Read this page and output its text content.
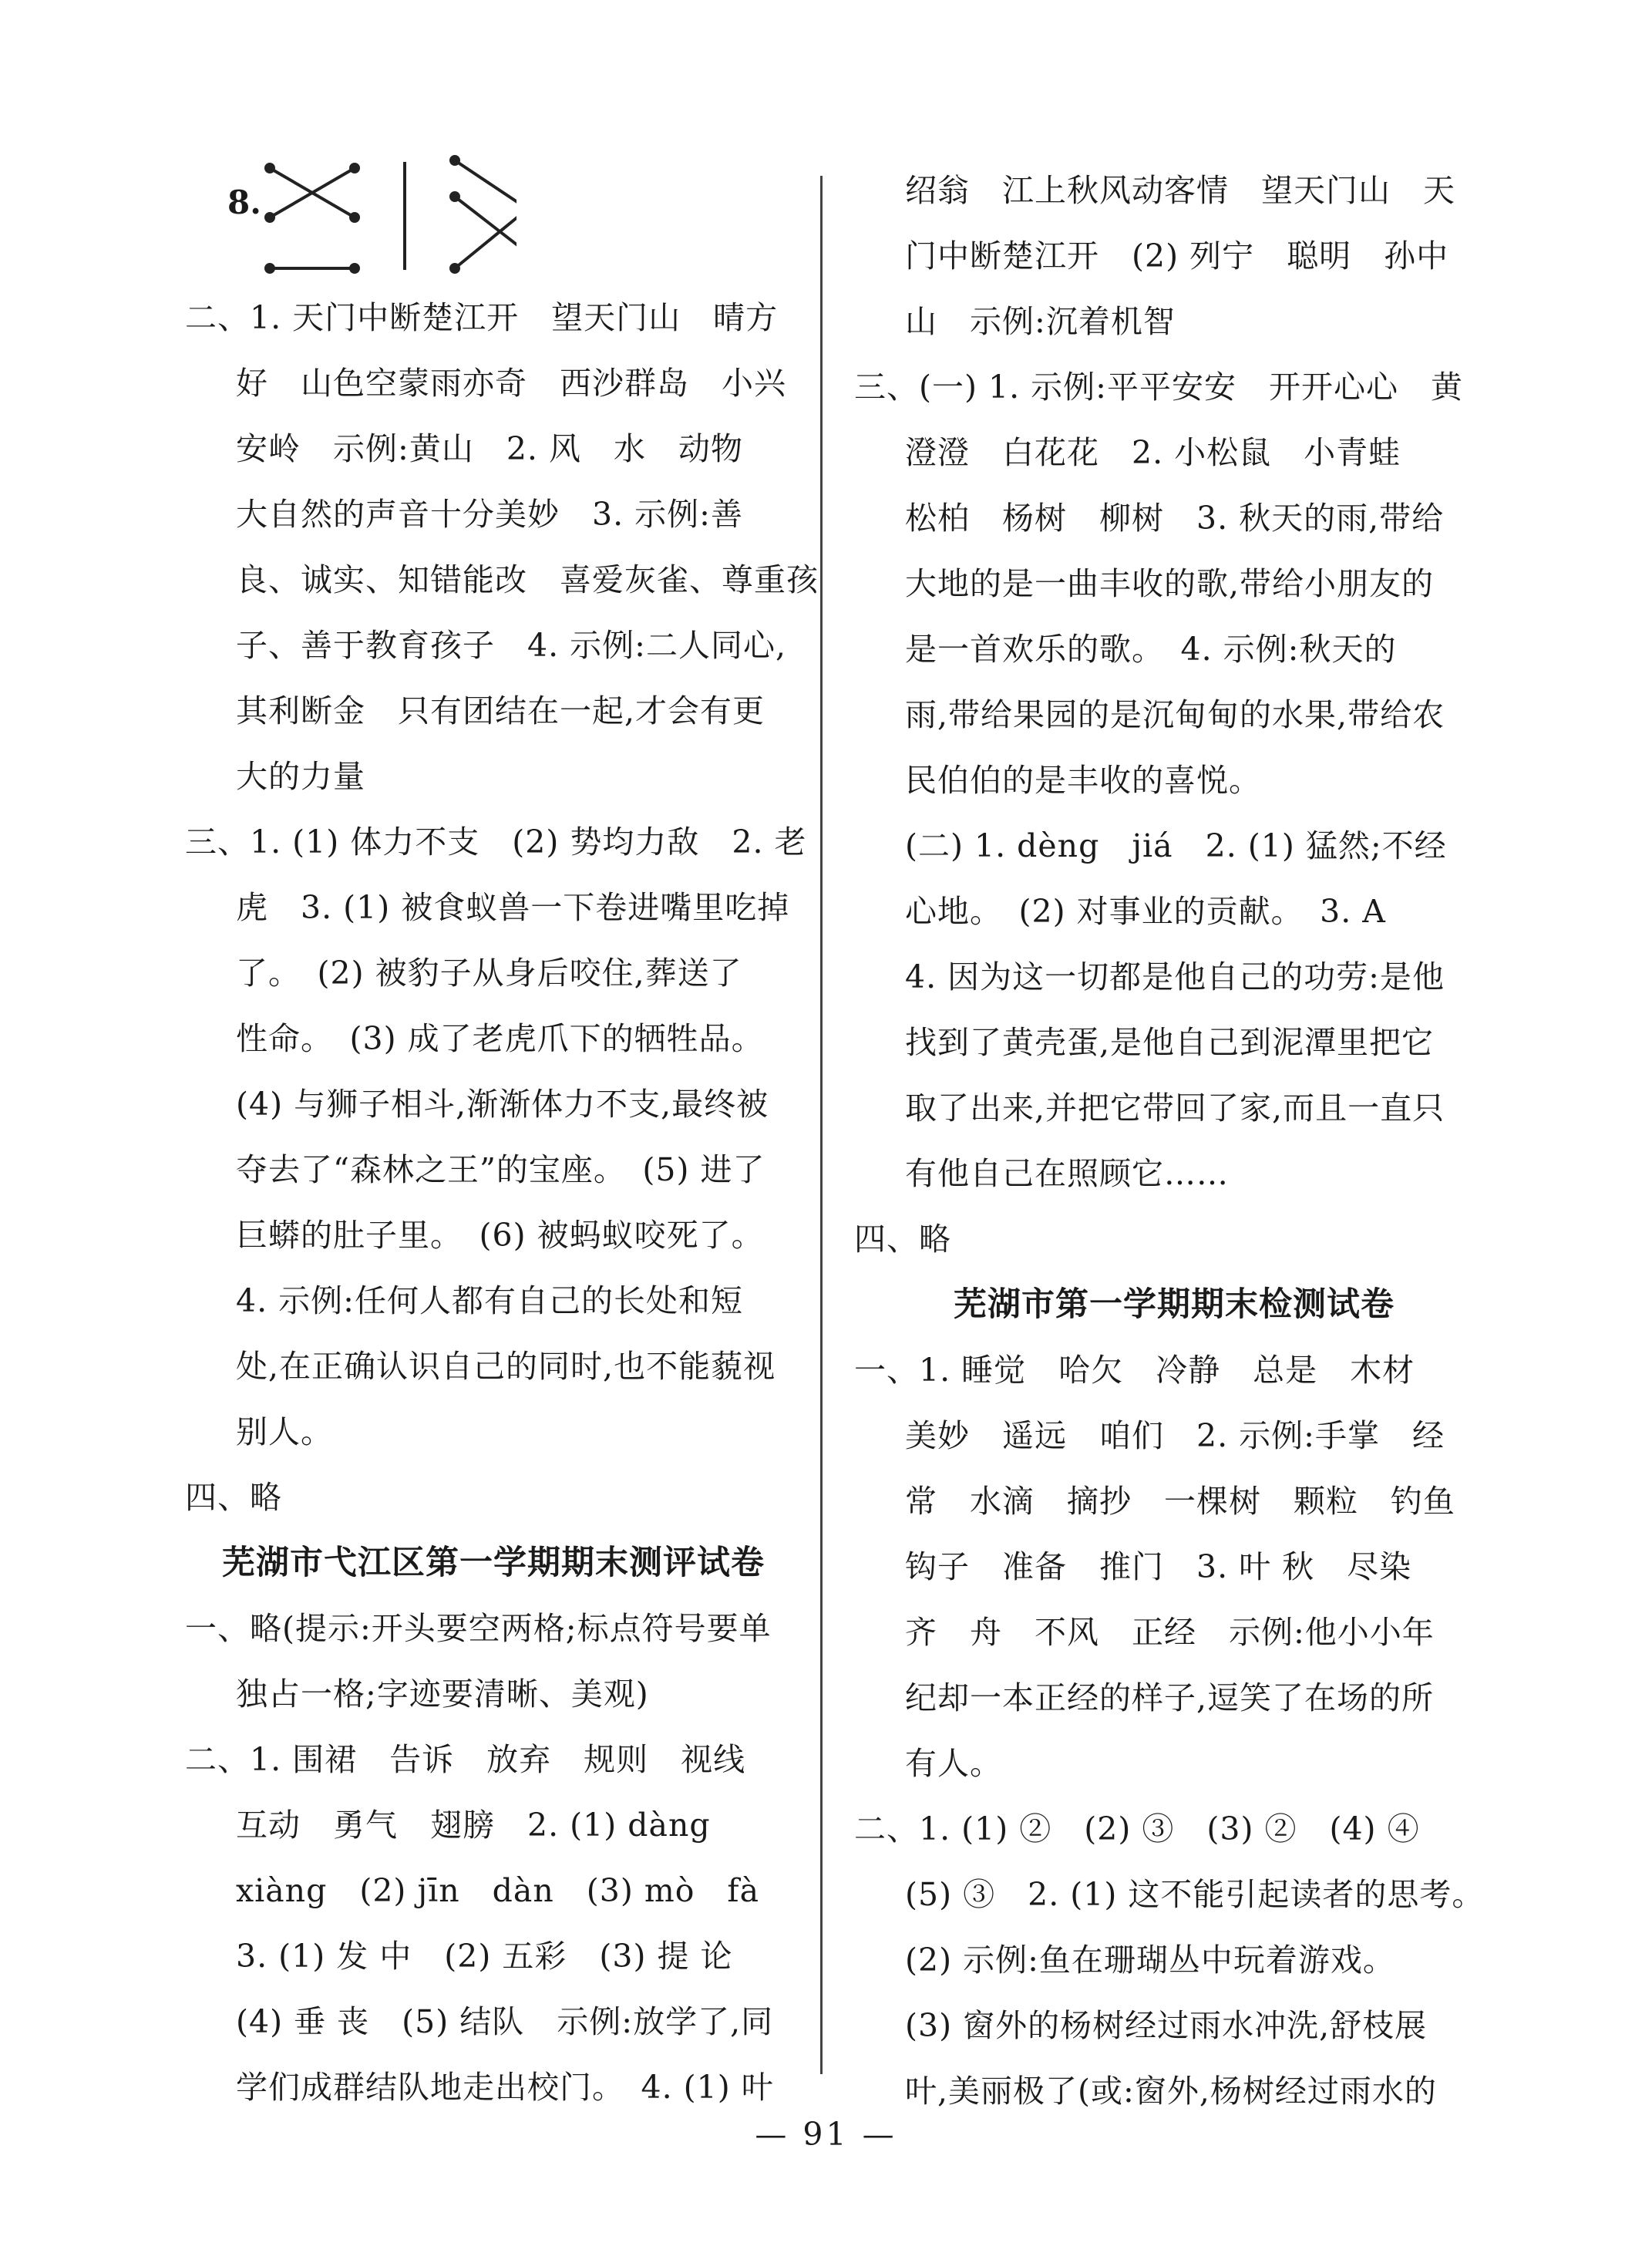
8.
二、1. 天门中断楚江开　望天门山　晴方
好　山色空蒙雨亦奇　西沙群岛　小兴
安岭　示例:黄山　2. 风　水　动物
大自然的声音十分美妙　3. 示例:善
良、诚实、知错能改　喜爱灰雀、尊重孩
子、善于教育孩子　4. 示例:二人同心,
其利断金　只有团结在一起,才会有更
大的力量
三、1. (1) 体力不支　(2) 势均力敌　2. 老
虎　3. (1) 被食蚁兽一下卷进嘴里吃掉
了。　(2) 被豹子从身后咬住,葬送了
性命。　(3) 成了老虎爪下的牺牲品。
(4) 与狮子相斗,渐渐体力不支,最终被
夺去了“森林之王”的宝座。　(5) 进了
巨蟒的肚子里。　(6) 被蚂蚁咬死了。
4. 示例:任何人都有自己的长处和短
处,在正确认识自己的同时,也不能藐视
别人。
四、略
芜湖市弋江区第一学期期末测评试卷
一、略(提示:开头要空两格;标点符号要单
独占一格;字迹要清晰、美观)
二、1. 围裙　告诉　放弃　规则　视线
互动　勇气　翅膀　2. (1) dàng
xiàng　(2) jīn　dàn　(3) mò　fà
3. (1) 发 中　(2) 五彩　(3) 提 论
(4) 垂 丧　(5) 结队　示例:放学了,同
学们成群结队地走出校门。　4. (1) 叶
绍翁　江上秋风动客情　望天门山　天
门中断楚江开　(2) 列宁　聪明　孙中
山　示例:沉着机智
三、(一) 1. 示例:平平安安　开开心心　黄
澄澄　白花花　2. 小松鼠　小青蛙
松柏　杨树　柳树　3. 秋天的雨,带给
大地的是一曲丰收的歌,带给小朋友的
是一首欢乐的歌。　4. 示例:秋天的
雨,带给果园的是沉甸甸的水果,带给农
民伯伯的是丰收的喜悦。
(二) 1. dèng　jiá　2. (1) 猛然;不经
心地。　(2) 对事业的贡献。　3. A
4. 因为这一切都是他自己的功劳:是他
找到了黄壳蛋,是他自己到泥潭里把它
取了出来,并把它带回了家,而且一直只
有他自己在照顾它……
四、略
芜湖市第一学期期末检测试卷
一、1. 睡觉　哈欠　冷静　总是　木材
美妙　遥远　咱们　2. 示例:手掌　经
常　水滴　摘抄　一棵树　颗粒　钓鱼
钩子　准备　推门　3. 叶 秋　尽染
齐　舟　不风　正经　示例:他小小年
纪却一本正经的样子,逗笑了在场的所
有人。
二、1. (1) ②　(2) ③　(3) ②　(4) ④
(5) ③　2. (1) 这不能引起读者的思考。
(2) 示例:鱼在珊瑚丛中玩着游戏。
(3) 窗外的杨树经过雨水冲洗,舒枝展
叶,美丽极了(或:窗外,杨树经过雨水的
— 91 —
